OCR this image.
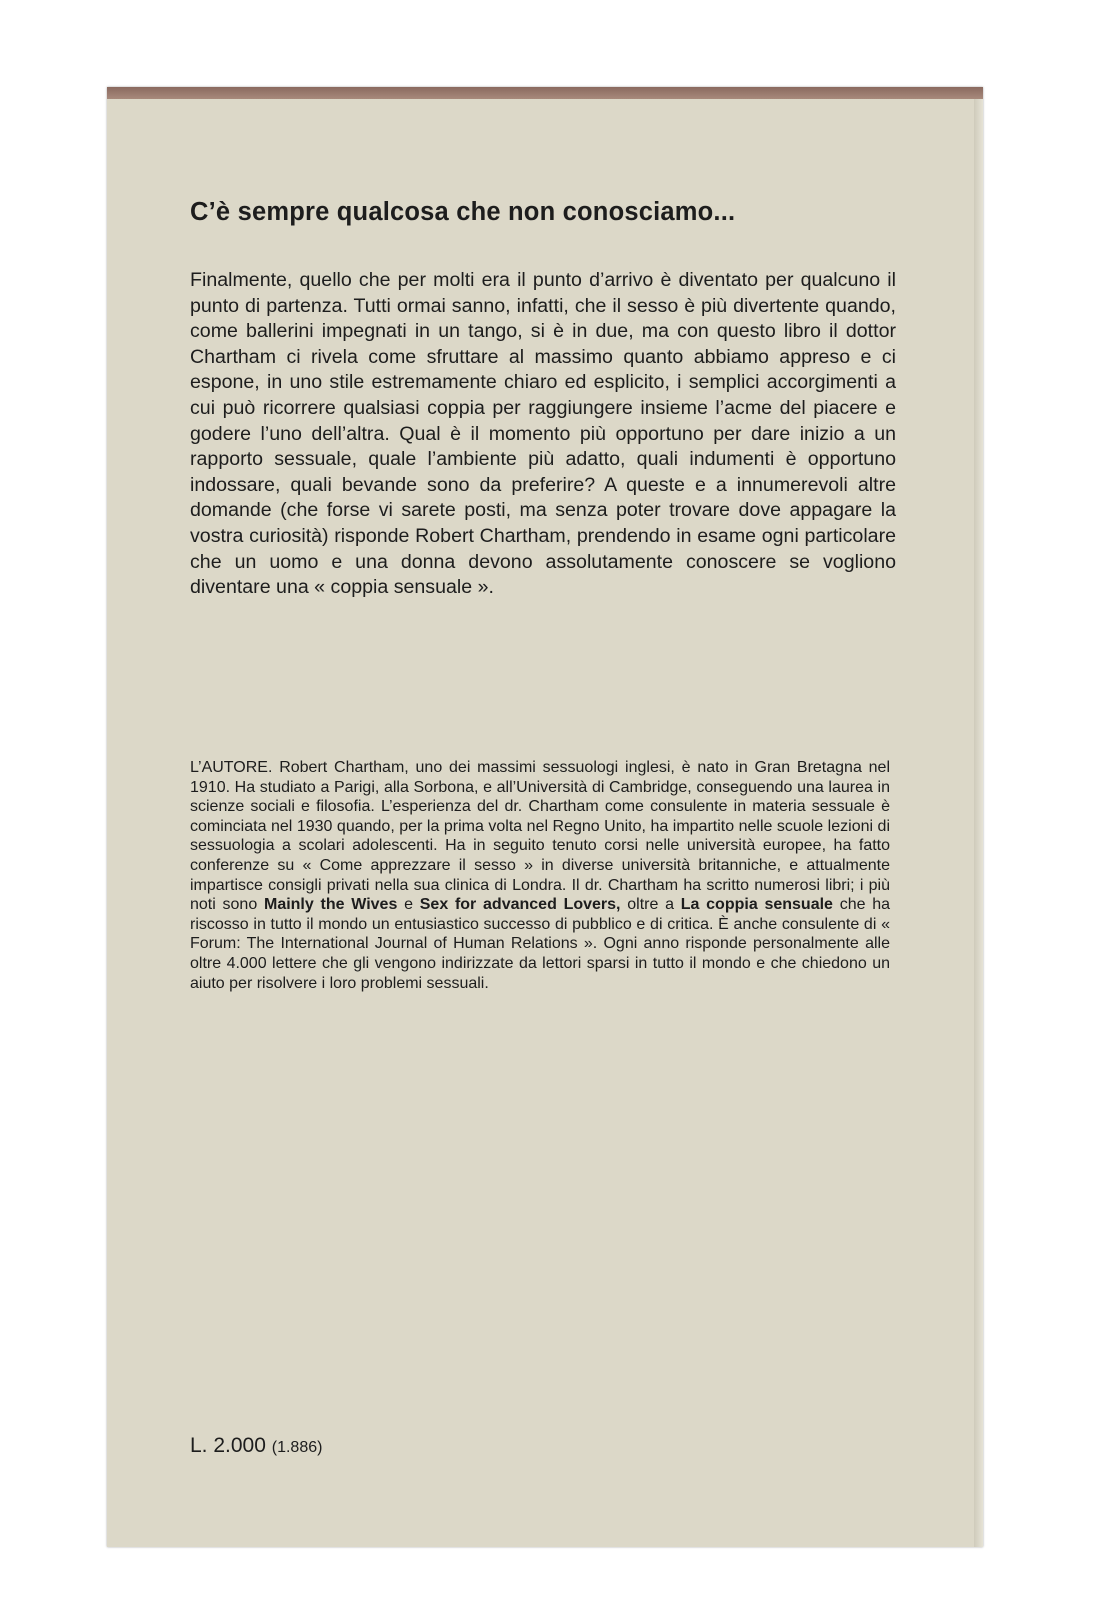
C’è sempre qualcosa che non conosciamo...
Finalmente, quello che per molti era il punto d’arrivo è diventato per qualcuno il punto di partenza. Tutti ormai sanno, infatti, che il sesso è più divertente quando, come ballerini impegnati in un tango, si è in due, ma con questo libro il dottor Chartham ci rivela come sfruttare al massimo quanto abbiamo appreso e ci espone, in uno stile estremamente chiaro ed esplicito, i semplici accorgimenti a cui può ricorrere qualsiasi coppia per raggiungere insieme l’acme del piacere e godere l’uno dell’altra. Qual è il momento più opportuno per dare inizio a un rapporto sessuale, quale l’ambiente più adatto, quali indumenti è opportuno indossare, quali bevande sono da preferire? A queste e a innumerevoli altre domande (che forse vi sarete posti, ma senza poter trovare dove appagare la vostra curiosità) risponde Robert Chartham, prendendo in esame ogni particolare che un uomo e una donna devono assolutamente conoscere se vogliono diventare una « coppia sensuale ».
L’AUTORE. Robert Chartham, uno dei massimi sessuologi inglesi, è nato in Gran Bretagna nel 1910. Ha studiato a Parigi, alla Sorbona, e all’Università di Cambridge, conseguendo una laurea in scienze sociali e filosofia. L’esperienza del dr. Chartham come consulente in materia sessuale è cominciata nel 1930 quando, per la prima volta nel Regno Unito, ha impartito nelle scuole lezioni di sessuologia a scolari adolescenti. Ha in seguito tenuto corsi nelle università europee, ha fatto conferenze su « Come apprezzare il sesso » in diverse università britanniche, e attualmente impartisce consigli privati nella sua clinica di Londra. Il dr. Chartham ha scritto numerosi libri; i più noti sono Mainly the Wives e Sex for advanced Lovers, oltre a La coppia sensuale che ha riscosso in tutto il mondo un entusiastico successo di pubblico e di critica. È anche consulente di « Forum: The International Journal of Human Relations ». Ogni anno risponde personalmente alle oltre 4.000 lettere che gli vengono indirizzate da lettori sparsi in tutto il mondo e che chiedono un aiuto per risolvere i loro problemi sessuali.
L. 2.000 (1.886)
